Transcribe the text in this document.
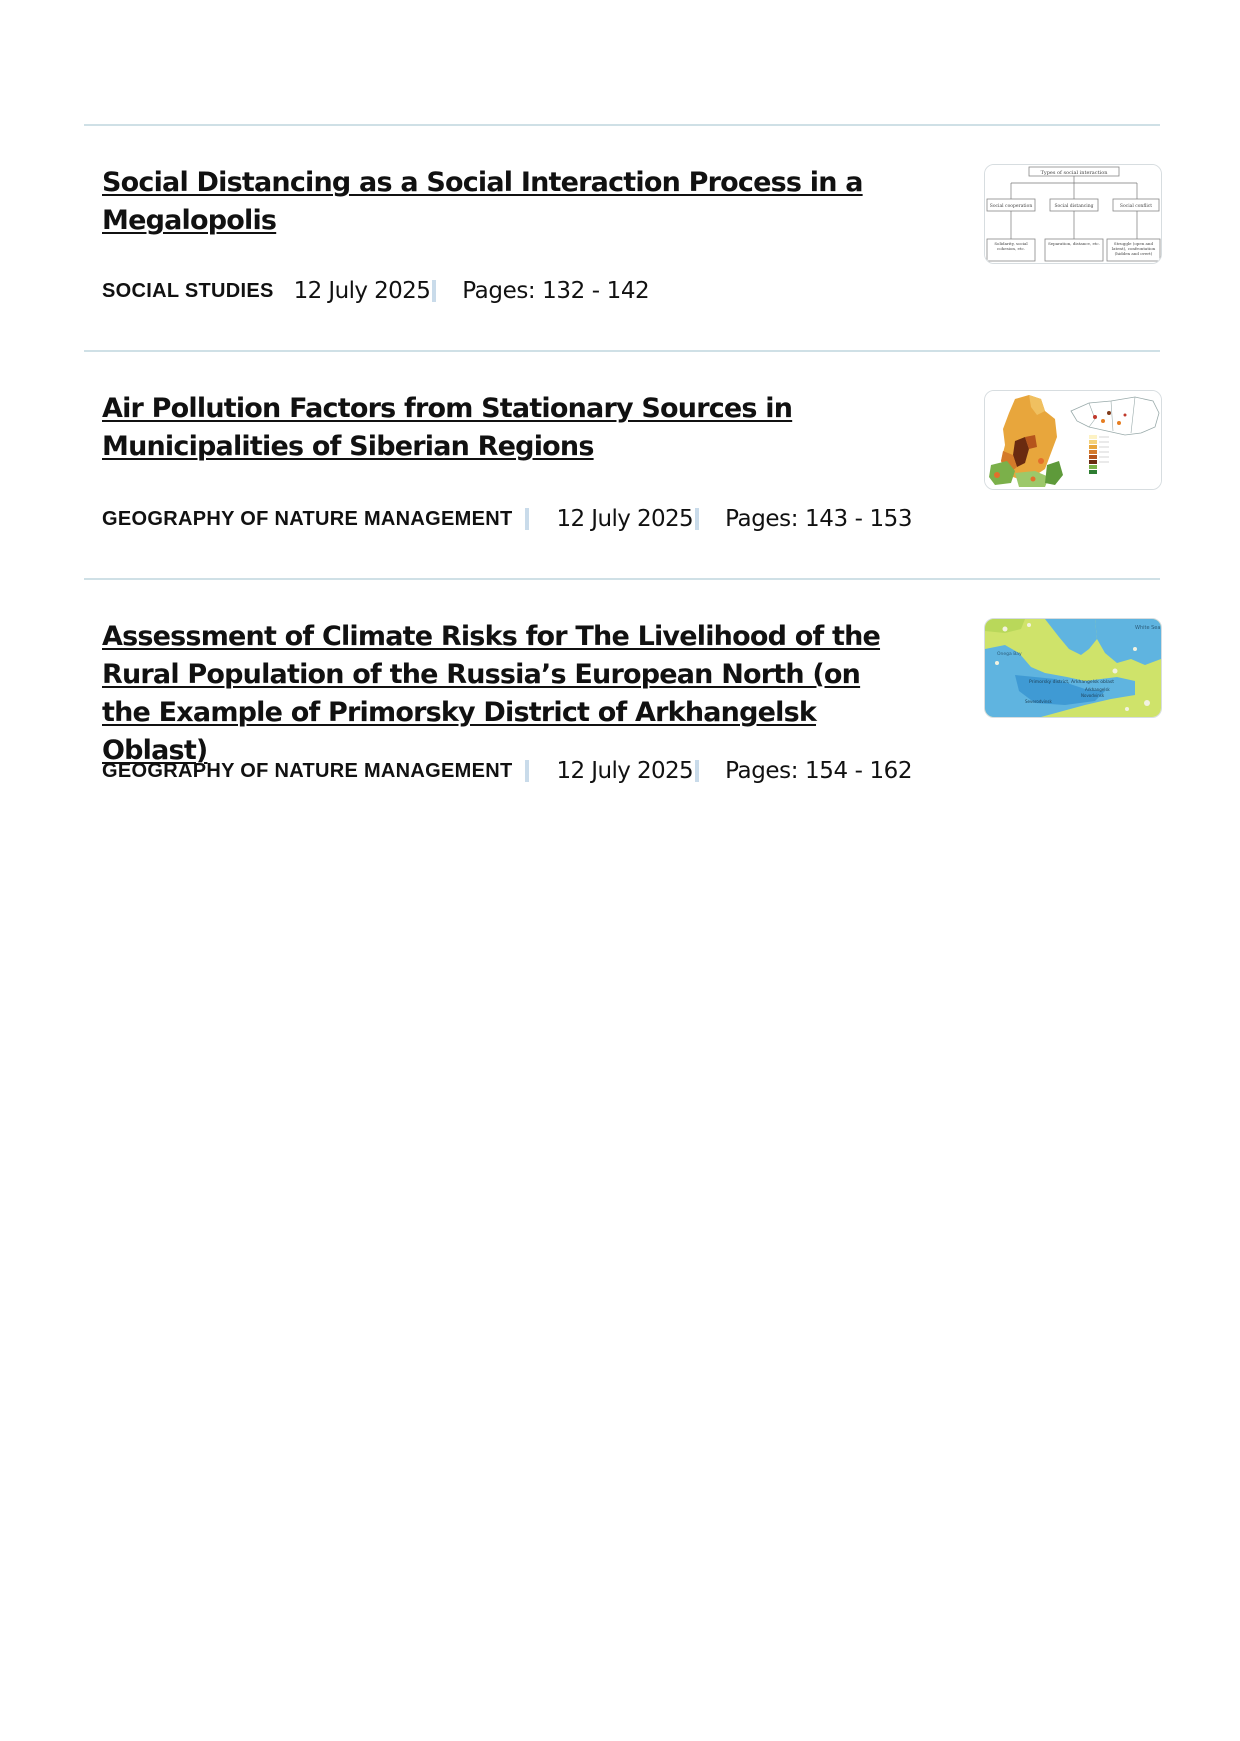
Social Distancing as a Social Interaction Process in a Megalopolis
SOCIAL STUDIES 12 July 2025 Pages: 132 - 142
Types of social interaction
Social cooperation	Social distancing	Social conflict
Solidarity, social cohesion, etc.
Separation, distance, etc.	Struggle (open and latent), confrontation (hidden and overt)
Air Pollution Factors from Stationary Sources in Municipalities of Siberian Regions
GEOGRAPHY OF NATURE MANAGEMENT 12 July 2025 Pages: 143 - 153
Assessment of Climate Risks for The Livelihood of the Rural Population of the Russia’s European North (on the Example of Primorsky District of Arkhangelsk Oblast)
GEOGRAPHY OF NATURE MANAGEMENT 12 July 2025 Pages: 154 - 162
White Sea
Onega Bay
Primorsky district, Arkhangelsk oblast
Arkhangelsk
Novodvinsk
Severodvinsk
